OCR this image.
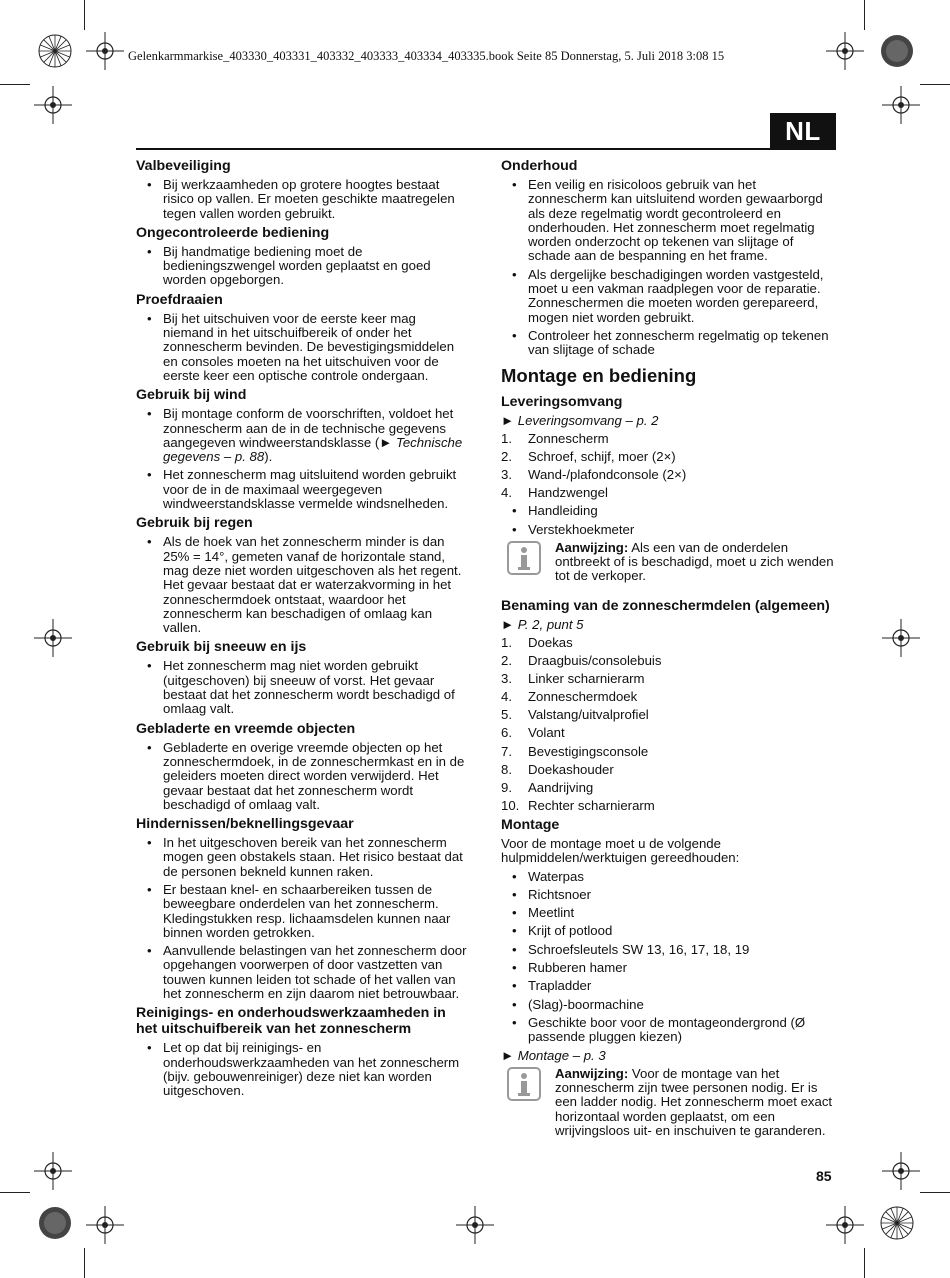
Gelenkarmmarkise_403330_403331_403332_403333_403334_403335.book Seite 85 Donnerstag, 5. Juli 2018 3:08 15
NL
Valbeveiliging
• Bij werkzaamheden op grotere hoogtes bestaat risico op vallen. Er moeten geschikte maatregelen tegen vallen worden gebruikt.
Ongecontroleerde bediening
• Bij handmatige bediening moet de bedieningszwengel worden geplaatst en goed worden opgeborgen.
Proefdraaien
• Bij het uitschuiven voor de eerste keer mag niemand in het uitschuifbereik of onder het zonnescherm bevinden. De bevestigingsmiddelen en consoles moeten na het uitschuiven voor de eerste keer een optische controle ondergaan.
Gebruik bij wind
• Bij montage conform de voorschriften, voldoet het zonnescherm aan de in de technische gegevens aangegeven windweerstandsklasse (► Technische gegevens – p. 88).
• Het zonnescherm mag uitsluitend worden gebruikt voor de in de maximaal weergegeven windweerstandsklasse vermelde windsnelheden.
Gebruik bij regen
• Als de hoek van het zonnescherm minder is dan 25% = 14°, gemeten vanaf de horizontale stand, mag deze niet worden uitgeschoven als het regent. Het gevaar bestaat dat er waterzakvorming in het zonneschermdoek ontstaat, waardoor het zonnescherm kan beschadigen of omlaag kan vallen.
Gebruik bij sneeuw en ijs
• Het zonnescherm mag niet worden gebruikt (uitgeschoven) bij sneeuw of vorst. Het gevaar bestaat dat het zonnescherm wordt beschadigd of omlaag valt.
Gebladerte en vreemde objecten
• Gebladerte en overige vreemde objecten op het zonneschermdoek, in de zonneschermkast en in de geleiders moeten direct worden verwijderd. Het gevaar bestaat dat het zonnescherm wordt beschadigd of omlaag valt.
Hindernissen/beknellingsgevaar
• In het uitgeschoven bereik van het zonnescherm mogen geen obstakels staan. Het risico bestaat dat de personen bekneld kunnen raken.
• Er bestaan knel- en schaarbereiken tussen de beweegbare onderdelen van het zonnescherm. Kledingstukken resp. lichaamsdelen kunnen naar binnen worden getrokken.
• Aanvullende belastingen van het zonnescherm door opgehangen voorwerpen of door vastzetten van touwen kunnen leiden tot schade of het vallen van het zonnescherm en zijn daarom niet betrouwbaar.
Reinigings- en onderhoudswerkzaamheden in het uitschuifbereik van het zonnescherm
• Let op dat bij reinigings- en onderhoudswerkzaamheden van het zonnescherm (bijv. gebouwenreiniger) deze niet kan worden uitgeschoven.
Onderhoud
• Een veilig en risicoloos gebruik van het zonnescherm kan uitsluitend worden gewaarborgd als deze regelmatig wordt gecontroleerd en onderhouden. Het zonnescherm moet regelmatig worden onderzocht op tekenen van slijtage of schade aan de bespanning en het frame.
• Als dergelijke beschadigingen worden vastgesteld, moet u een vakman raadplegen voor de reparatie. Zonneschermen die moeten worden gerepareerd, mogen niet worden gebruikt.
• Controleer het zonnescherm regelmatig op tekenen van slijtage of schade
Montage en bediening
Leveringsomvang
► Leveringsomvang – p. 2
1. Zonnescherm
2. Schroef, schijf, moer (2×)
3. Wand-/plafondconsole (2×)
4. Handzwengel
• Handleiding
• Verstekhoekmeter
Aanwijzing: Als een van de onderdelen ontbreekt of is beschadigd, moet u zich wenden tot de verkoper.
Benaming van de zonneschermdelen (algemeen)
► P. 2, punt 5
1. Doekas
2. Draagbuis/consolebuis
3. Linker scharnierarm
4. Zonneschermdoek
5. Valstang/uitvalprofiel
6. Volant
7. Bevestigingsconsole
8. Doekashouder
9. Aandrijving
10. Rechter scharnierarm
Montage

Voor de montage moet u de volgende hulpmiddelen/werktuigen gereedhouden:

• Waterpas
• Richtsnoer
• Meetlint
• Krijt of potlood
• Schroefsleutels SW 13, 16, 17, 18, 19
• Rubberen hamer
• Trapladder
• (Slag)-boormachine
• Geschikte boor voor de montageondergrond (Ø passende pluggen kiezen)
► Montage – p. 3
Aanwijzing: Voor de montage van het zonnescherm zijn twee personen nodig. Er is een ladder nodig. Het zonnescherm moet exact horizontaal worden geplaatst, om een wrijvingsloos uit- en inschuiven te garanderen.
85
